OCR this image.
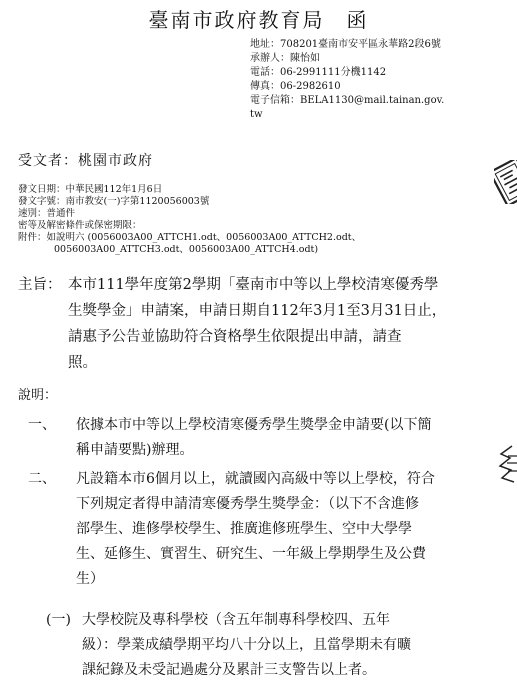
臺南市政府教育局　函
地址：708201臺南市安平區永華路2段6號
承辦人：陳怡如
電話：06-2991111分機1142
傳真：06-2982610
電子信箱：BELA1130@mail.tainan.gov.
tw
受文者：桃園市政府
發文日期：中華民國112年1月6日
發文字號：南市教安(一)字第1120056003號
速別：普通件
密等及解密條件或保密期限：
附件：如說明六 (0056003A00_ATTCH1.odt、0056003A00_ATTCH2.odt、
0056003A00_ATTCH3.odt、0056003A00_ATTCH4.odt)
主旨： 本市111學年度第2學期「臺南市中等以上學校清寒優秀學
生獎學金」申請案，申請日期自112年3月1至3月31日止，
請惠予公告並協助符合資格學生依限提出申請，請查
照。
說明：
一、 依據本市中等以上學校清寒優秀學生獎學金申請要(以下簡
稱申請要點)辦理。
二、 凡設籍本市6個月以上，就讀國內高級中等以上學校，符合
下列規定者得申請清寒優秀學生獎學金：（以下不含進修
部學生、進修學校學生、推廣進修班學生、空中大學學
生、延修生、實習生、研究生、一年級上學期學生及公費
生）
(一) 大學校院及專科學校（含五年制專科學校四、五年
級）：學業成績學期平均八十分以上，且當學期未有曠
課紀錄及未受記過處分及累計三支警告以上者。
